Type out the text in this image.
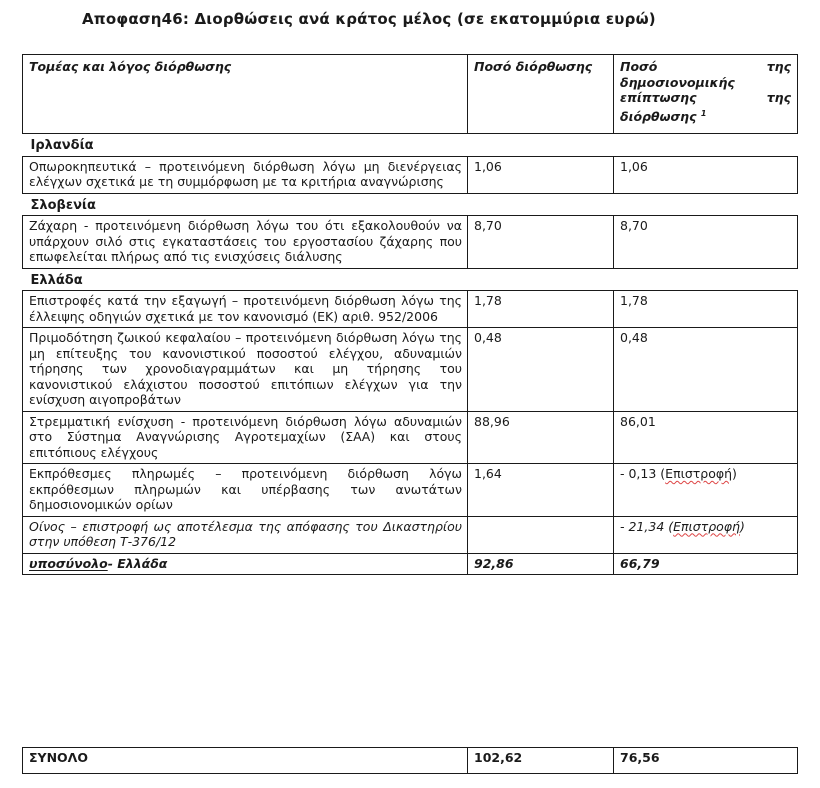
Αποφαση46: Διορθώσεις ανά κράτος μέλος (σε εκατομμύρια ευρώ)
Τομέας και λόγος διόρθωσης	Ποσό διόρθωσης	Ποσό της δημοσιονομικής επίπτωσης της διόρθωσης $^1$
Ιρλανδία		
Οπωροκηπευτικά – προτεινόμενη διόρθωση λόγω μη διενέργειας ελέγχων σχετικά με τη συμμόρφωση με τα κριτήρια αναγνώρισης	1,06	1,06
Σλοβενία		
Ζάχαρη - προτεινόμενη διόρθωση λόγω του ότι εξακολουθούν να υπάρχουν σιλό στις εγκαταστάσεις του εργοστασίου ζάχαρης που επωφελείται πλήρως από τις ενισχύσεις διάλυσης	8,70	8,70
Ελλάδα		
Επιστροφές κατά την εξαγωγή – προτεινόμενη διόρθωση λόγω της έλλειψης οδηγιών σχετικά με τον κανονισμό (ΕΚ) αριθ. 952/2006	1,78	1,78
Πριμοδότηση ζωικού κεφαλαίου – προτεινόμενη διόρθωση λόγω της μη επίτευξης του κανονιστικού ποσοστού ελέγχου, αδυναμιών τήρησης των χρονοδιαγραμμάτων και μη τήρησης του κανονιστικού ελάχιστου ποσοστού επιτόπιων ελέγχων για την ενίσχυση αιγοπροβάτων	0,48	0,48
Στρεμματική ενίσχυση - προτεινόμενη διόρθωση λόγω αδυναμιών στο Σύστημα Αναγνώρισης Αγροτεμαχίων (ΣΑΑ) και στους επιτόπιους ελέγχους	88,96	86,01
Εκπρόθεσμες πληρωμές – προτεινόμενη διόρθωση λόγω εκπρόθεσμων πληρωμών και υπέρβασης των ανωτάτων δημοσιονομικών ορίων	1,64	- 0,13 (Επιστροφή)
Οίνος – επιστροφή ως αποτέλεσμα της απόφασης του Δικαστηρίου στην υπόθεση Τ-376/12		- 21,34 (Επιστροφή)
υποσύνολο- Ελλάδα	92,86	66,79
ΣΥΝΟΛΟ	102,62	76,56
